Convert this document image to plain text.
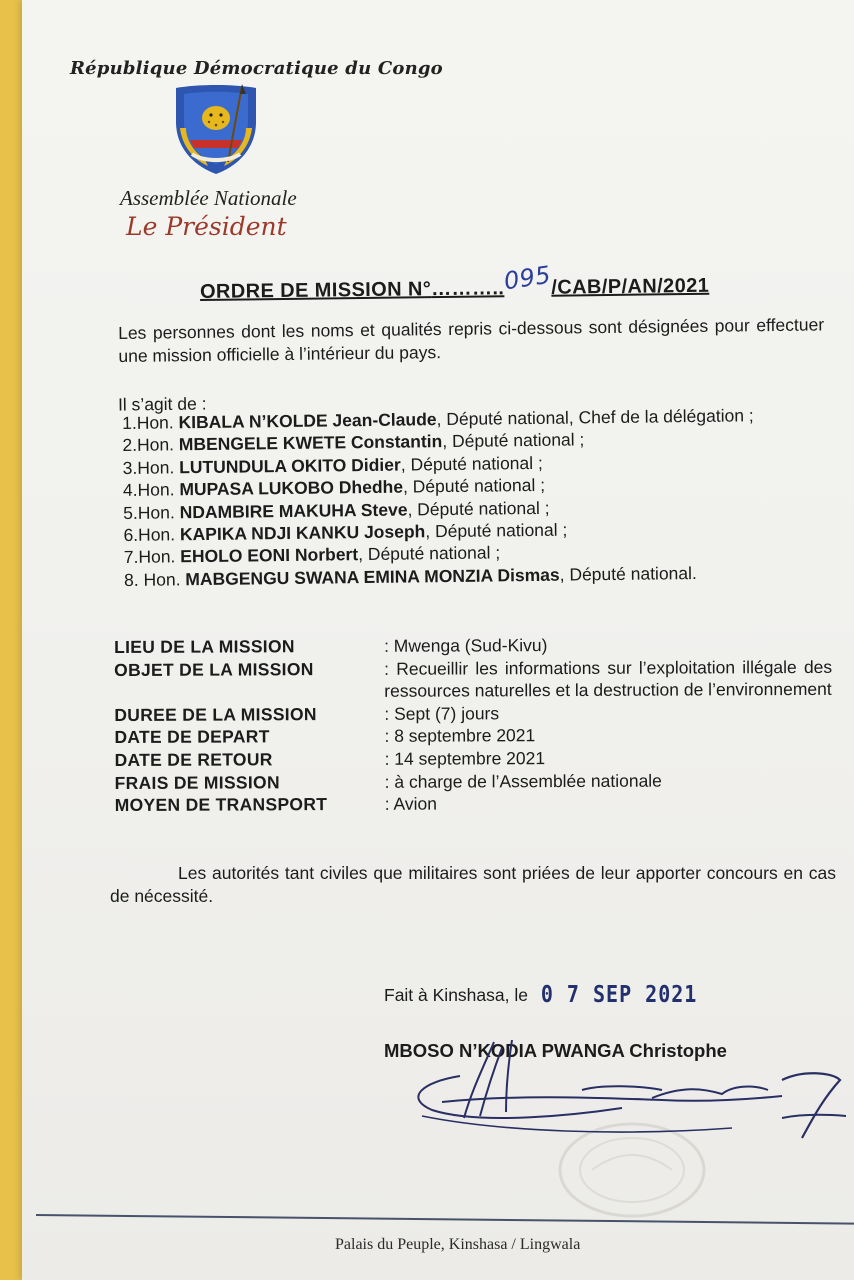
République Démocratique du Congo
Assemblée Nationale
Le Président
ORDRE DE MISSION N°………..095/CAB/P/AN/2021
Les personnes dont les noms et qualités repris ci-dessous sont désignées pour effectuer une mission officielle à l’intérieur du pays.
Il s’agit de :
1.Hon. KIBALA N’KOLDE Jean-Claude, Député national, Chef de la délégation ;
2.Hon. MBENGELE KWETE Constantin, Député national ;
3.Hon. LUTUNDULA OKITO Didier, Député national ;
4.Hon. MUPASA LUKOBO Dhedhe, Député national ;
5.Hon. NDAMBIRE MAKUHA Steve, Député national ;
6.Hon. KAPIKA NDJI KANKU Joseph, Député national ;
7.Hon. EHOLO EONI Norbert, Député national ;
8. Hon. MABGENGU SWANA EMINA MONZIA Dismas, Député national.
LIEU DE LA MISSION	: Mwenga (Sud-Kivu)
OBJET DE LA MISSION	: Recueillir les informations sur l’exploitation illégale des ressources naturelles et la destruction de l’environnement
DUREE DE LA MISSION	: Sept (7) jours
DATE DE DEPART	: 8 septembre 2021
DATE DE RETOUR	: 14 septembre 2021
FRAIS DE MISSION	: à charge de l’Assemblée nationale
MOYEN DE TRANSPORT	: Avion
Les autorités tant civiles que militaires sont priées de leur apporter concours en cas de nécessité.
Fait à Kinshasa, le 0 7 SEP 2021
MBOSO N’KODIA PWANGA Christophe
Palais du Peuple, Kinshasa / Lingwala
